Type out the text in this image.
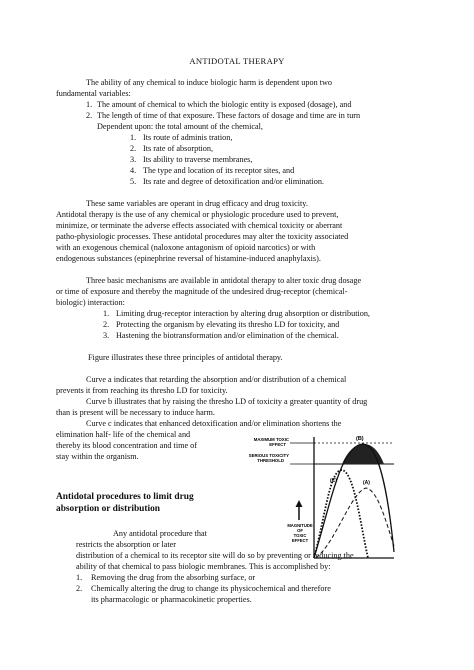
ANTIDOTAL THERAPY
The ability of any chemical to induce biologic harm is dependent upon two
fundamental variables:
1. The amount of chemical to which the biologic entity is exposed (dosage), and
2. The length of time of that exposure. These factors of dosage and time are in turn
Dependent upon: the total amount of the chemical,
1. Its route of adminis tration,
2. Its rate of absorption,
3. Its ability to traverse membranes,
4. The type and location of its receptor sites, and
5. Its rate and degree of detoxification and/or elimination.
These same variables are operant in drug efficacy and drug toxicity.
Antidotal therapy is the use of any chemical or physiologic procedure used to prevent,
minimize, or terminate the adverse effects associated with chemical toxicity or aberrant
patho-physiologic processes. These antidotal procedures may alter the toxicity associated
with an exogenous chemical (naloxone antagonism of opioid narcotics) or with
endogenous substances (epinephrine reversal of histamine-induced anaphylaxis).
Three basic mechanisms are available in antidotal therapy to alter toxic drug dosage
or time of exposure and thereby the magnitude of the undesired drug-receptor (chemical-
biologic) interaction:
1. Limiting drug-receptor interaction by altering drug absorption or distribution,
2. Protecting the organism by elevating its thresho LD for toxicity, and
3. Hastening the biotransformation and/or elimination of the chemical.
Figure illustrates these three principles of antidotal therapy.
Curve a indicates that retarding the absorption and/or distribution of a chemical
prevents it from reaching its thresho LD for toxicity.
Curve b illustrates that by raising the thresho LD of toxicity a greater quantity of drug
than is present will be necessary to induce harm.
Curve c indicates that enhanced detoxification and/or elimination shortens the
elimination half- life of the chemical and
thereby its blood concentration and time of
stay within the organism.
MAXIMUM TOXIC
EFFECT
SERIOUS TOXICITY
THRESHOLD
MAGNITUDE
OF
TOXIC
EFFECT
(B)
(C)	(A)
Antidotal procedures to limit drug
absorption or distribution
Any antidotal procedure that
restricts the absorption or later
distribution of a chemical to its receptor site will do so by preventing or reducing the
ability of that chemical to pass biologic membranes. This is accomplished by:
1. Removing the drug from the absorbing surface, or
2. Chemically altering the drug to change its physicochemical and therefore
its pharmacologic or pharmacokinetic properties.
